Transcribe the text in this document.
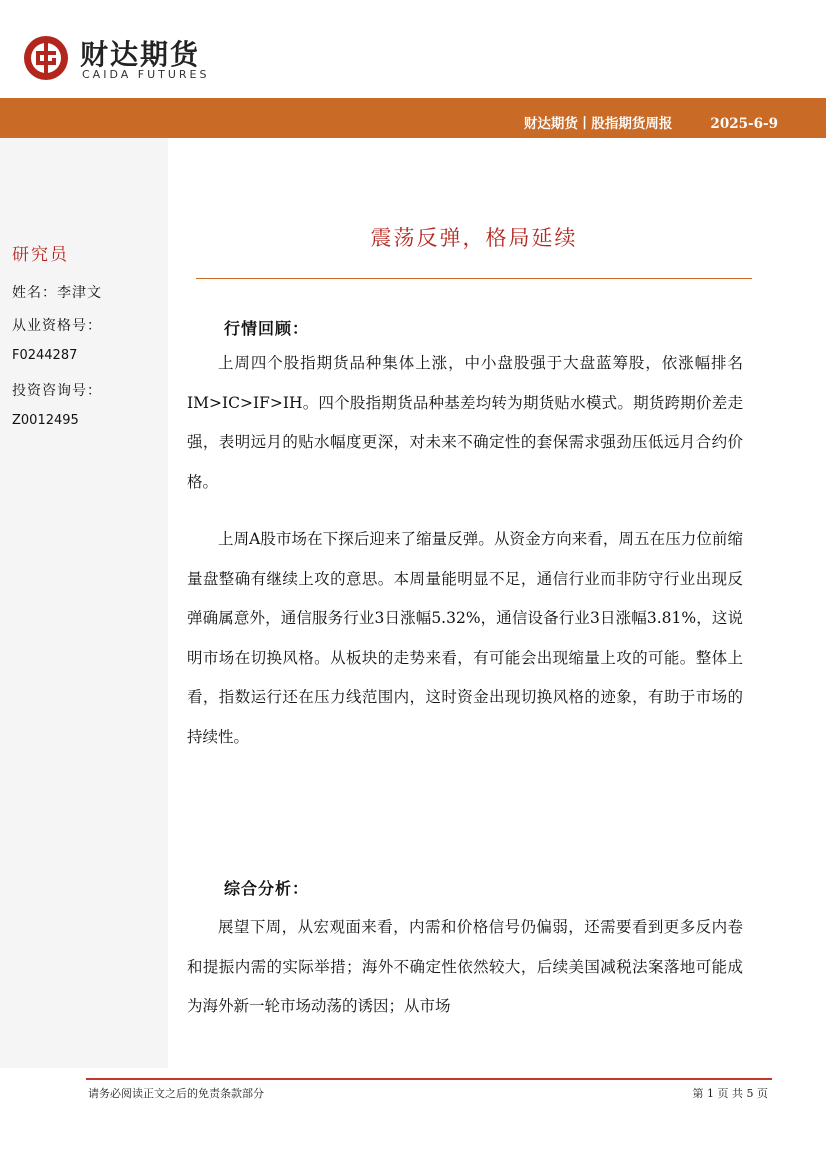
财达期货
CAIDA FUTURES
财达期货丨股指期货周报	2025-6-9
研究员
姓名：李津文
从业资格号：
F0244287
投资咨询号：
Z0012495
震荡反弹，格局延续
行情回顾：

上周四个股指期货品种集体上涨，中小盘股强于大盘蓝筹股，依涨幅排名IM>IC>IF>IH。四个股指期货品种基差均转为期货贴水模式。期货跨期价差走强，表明远月的贴水幅度更深，对未来不确定性的套保需求强劲压低远月合约价格。

上周A股市场在下探后迎来了缩量反弹。从资金方向来看，周五在压力位前缩量盘整确有继续上攻的意思。本周量能明显不足，通信行业而非防守行业出现反弹确属意外，通信服务行业3日涨幅5.32%，通信设备行业3日涨幅3.81%，这说明市场在切换风格。从板块的走势来看，有可能会出现缩量上攻的可能。整体上看，指数运行还在压力线范围内，这时资金出现切换风格的迹象，有助于市场的持续性。

综合分析：

展望下周，从宏观面来看，内需和价格信号仍偏弱，还需要看到更多反内卷和提振内需的实际举措；海外不确定性依然较大，后续美国减税法案落地可能成为海外新一轮市场动荡的诱因；从市场

请务必阅读正文之后的免责条款部分	第 1 页 共 5 页
